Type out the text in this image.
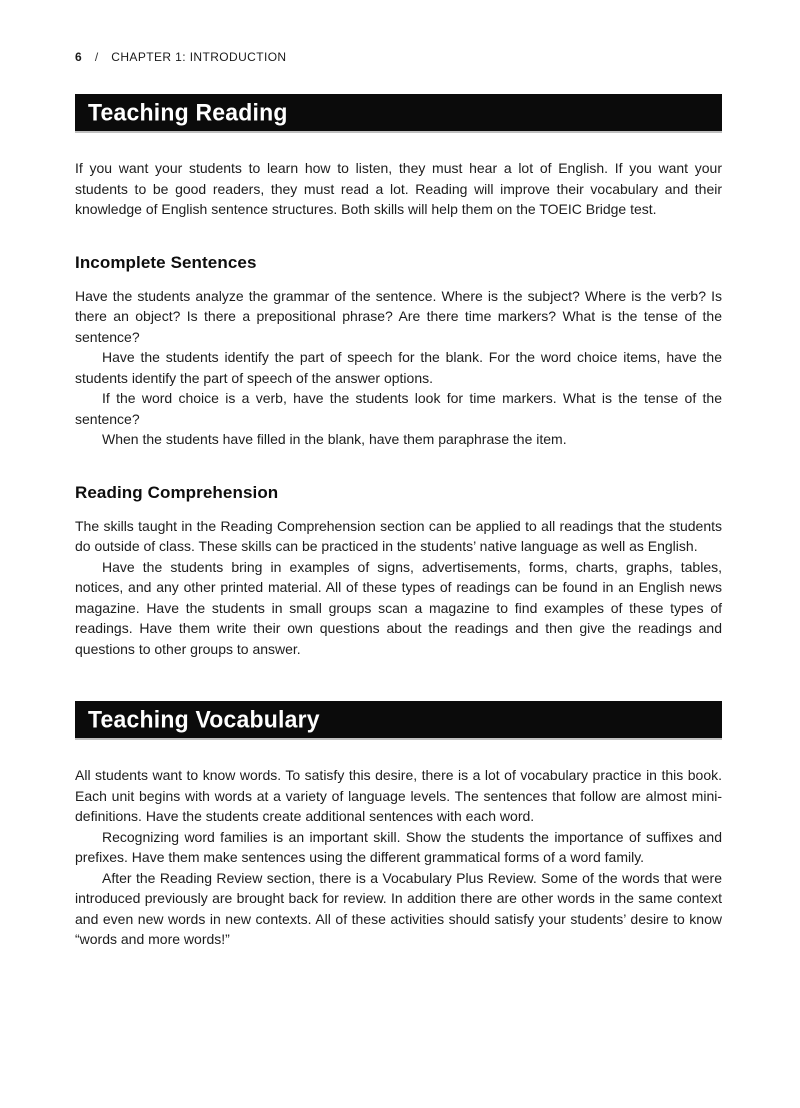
6 / CHAPTER 1: INTRODUCTION
Teaching Reading

If you want your students to learn how to listen, they must hear a lot of English. If you want your students to be good readers, they must read a lot. Reading will improve their vocabulary and their knowledge of English sentence structures. Both skills will help them on the TOEIC Bridge test.

Incomplete Sentences

Have the students analyze the grammar of the sentence. Where is the subject? Where is the verb? Is there an object? Is there a prepositional phrase? Are there time markers? What is the tense of the sentence?

Have the students identify the part of speech for the blank. For the word choice items, have the students identify the part of speech of the answer options.

If the word choice is a verb, have the students look for time markers. What is the tense of the sentence?

When the students have filled in the blank, have them paraphrase the item.

Reading Comprehension

The skills taught in the Reading Comprehension section can be applied to all readings that the students do outside of class. These skills can be practiced in the students’ native language as well as English.

Have the students bring in examples of signs, advertisements, forms, charts, graphs, tables, notices, and any other printed material. All of these types of readings can be found in an English news magazine. Have the students in small groups scan a magazine to find examples of these types of readings. Have them write their own questions about the readings and then give the readings and questions to other groups to answer.

Teaching Vocabulary

All students want to know words. To satisfy this desire, there is a lot of vocabulary practice in this book. Each unit begins with words at a variety of language levels. The sentences that follow are almost mini-definitions. Have the students create additional sentences with each word.

Recognizing word families is an important skill. Show the students the importance of suffixes and prefixes. Have them make sentences using the different grammatical forms of a word family.

After the Reading Review section, there is a Vocabulary Plus Review. Some of the words that were introduced previously are brought back for review. In addition there are other words in the same context and even new words in new contexts. All of these activities should satisfy your students’ desire to know “words and more words!”
